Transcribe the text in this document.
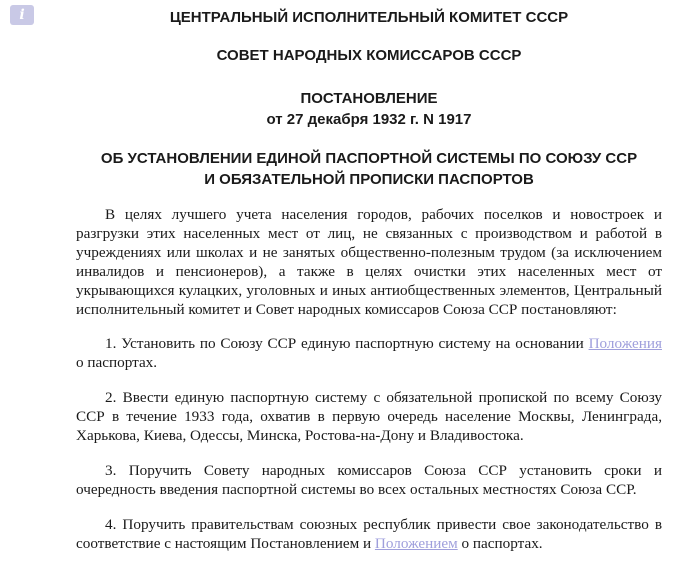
i	ЦЕНТРАЛЬНЫЙ ИСПОЛНИТЕЛЬНЫЙ КОМИТЕТ СССР

СОВЕТ НАРОДНЫХ КОМИССАРОВ СССР

ПОСТАНОВЛЕНИЕ
от 27 декабря 1932 г. N 1917
ОБ УСТАНОВЛЕНИИ ЕДИНОЙ ПАСПОРТНОЙ СИСТЕМЫ ПО СОЮЗУ ССР
И ОБЯЗАТЕЛЬНОЙ ПРОПИСКИ ПАСПОРТОВ

В целях лучшего учета населения городов, рабочих поселков и новостроек и разгрузки этих населенных мест от лиц, не связанных с производством и работой в учреждениях или школах и не занятых общественно-полезным трудом (за исключением инвалидов и пенсионеров), а также в целях очистки этих населенных мест от укрывающихся кулацких, уголовных и иных антиобщественных элементов, Центральный исполнительный комитет и Совет народных комиссаров Союза ССР постановляют:

1. Установить по Союзу ССР единую паспортную систему на основании Положения о паспортах.

2. Ввести единую паспортную систему с обязательной пропиской по всему Союзу ССР в течение 1933 года, охватив в первую очередь население Москвы, Ленинграда, Харькова, Киева, Одессы, Минска, Ростова-на-Дону и Владивостока.

3. Поручить Совету народных комиссаров Союза ССР установить сроки и очередность введения паспортной системы во всех остальных местностях Союза ССР.

4. Поручить правительствам союзных республик привести свое законодательство в соответствие с настоящим Постановлением и Положением о паспортах.
